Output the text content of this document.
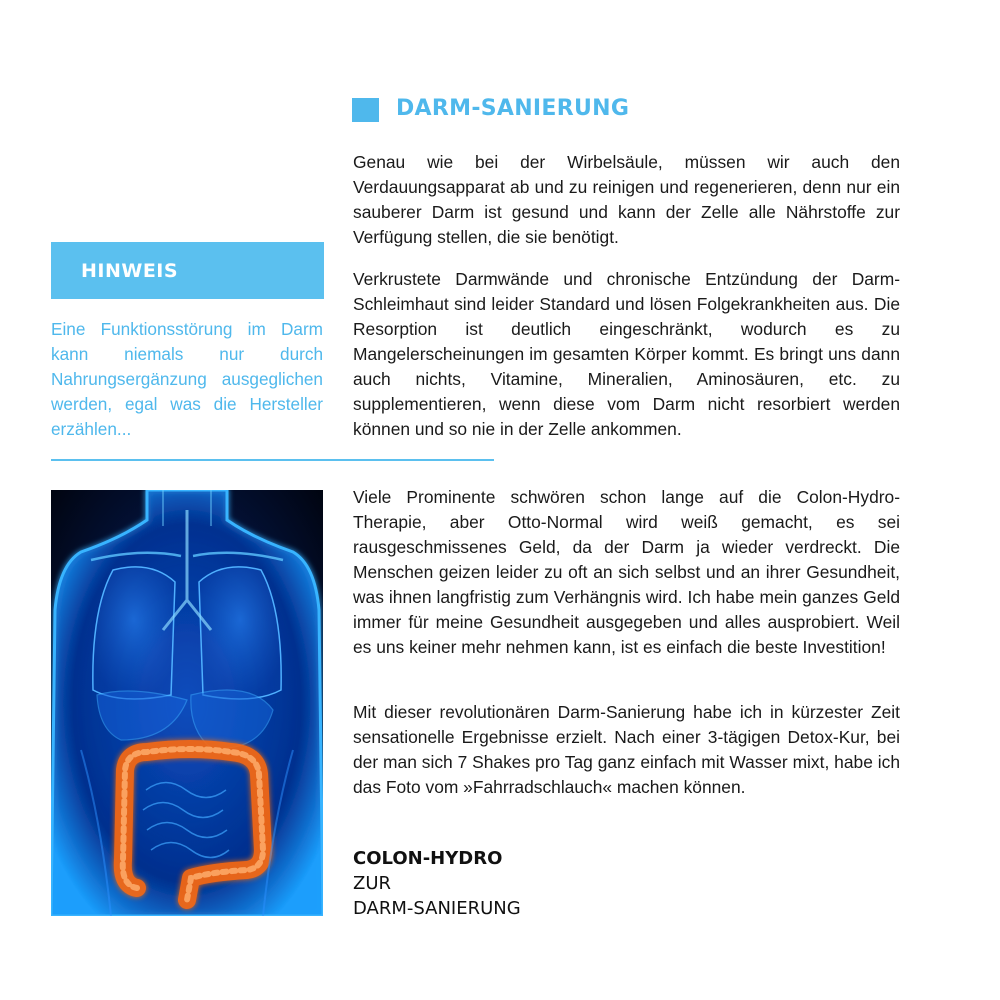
DARM-SANIERUNG

Genau wie bei der Wirbelsäule, müssen wir auch den Verdauungsapparat ab und zu reinigen und regenerieren, denn nur ein sauberer Darm ist gesund und kann der Zelle alle Nährstoffe zur Verfügung stellen, die sie benötigt.

Verkrustete Darmwände und chronische Entzündung der Darm-Schleimhaut sind leider Standard und lösen Folgekrankheiten aus. Die Resorption ist deutlich eingeschränkt, wodurch es zu Mangelerscheinungen im gesamten Körper kommt. Es bringt uns dann auch nichts, Vitamine, Mineralien, Aminosäuren, etc. zu supplementieren, wenn diese vom Darm nicht resorbiert werden können und so nie in der Zelle ankommen.

Viele Prominente schwören schon lange auf die Colon-Hydro-Therapie, aber Otto-Normal wird weiß gemacht, es sei rausgeschmissenes Geld, da der Darm ja wieder verdreckt. Die Menschen geizen leider zu oft an sich selbst und an ihrer Gesundheit, was ihnen langfristig zum Verhängnis wird. Ich habe mein ganzes Geld immer für meine Gesundheit ausgegeben und alles ausprobiert. Weil es uns keiner mehr nehmen kann, ist es einfach die beste Investition!

Mit dieser revolutionären Darm-Sanierung habe ich in kürzester Zeit sensationelle Ergebnisse erzielt. Nach einer 3-tägigen Detox-Kur, bei der man sich 7 Shakes pro Tag ganz einfach mit Wasser mixt, habe ich das Foto vom »Fahrradschlauch« machen können.

HINWEIS

Eine Funktionsstörung im Darm kann niemals nur durch Nahrungsergänzung ausgeglichen werden, egal was die Hersteller erzählen...

COLON-HYDRO
ZUR
DARM-SANIERUNG
